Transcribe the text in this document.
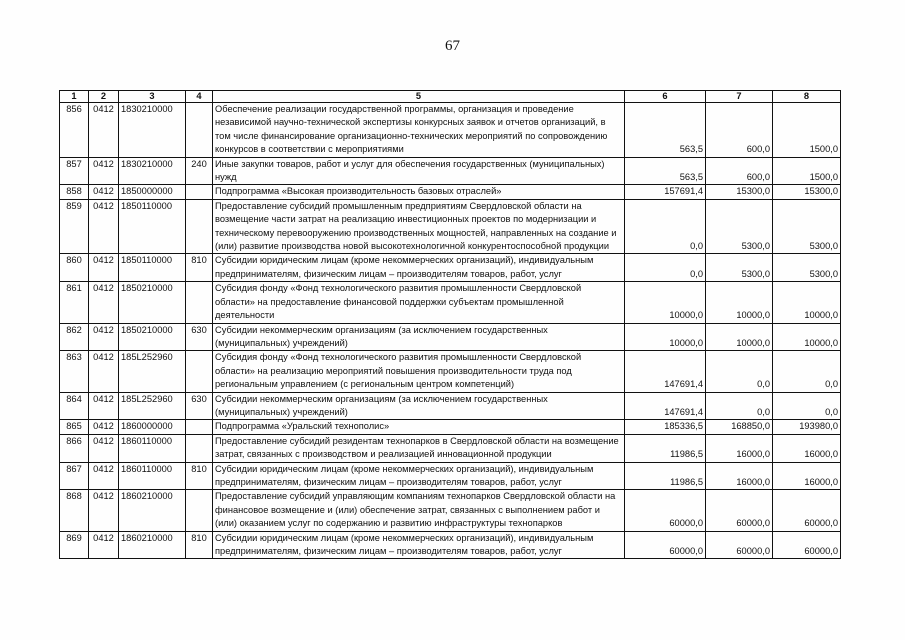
67
1	2	3	4	5	6	7	8
856	0412	1830210000		Обеспечение реализации государственной программы, организация и проведение независимой научно-технической экспертизы конкурсных заявок и отчетов организаций, в том числе финансирование организационно-технических мероприятий по сопровождению конкурсов в соответствии с мероприятиями	563,5	600,0	1500,0
857	0412	1830210000	240	Иные закупки товаров, работ и услуг для обеспечения государственных (муниципальных) нужд	563,5	600,0	1500,0
858	0412	1850000000		Подпрограмма «Высокая производительность базовых отраслей»	157691,4	15300,0	15300,0
859	0412	1850110000		Предоставление субсидий промышленным предприятиям Свердловской области на возмещение части затрат на реализацию инвестиционных проектов по модернизации и техническому перевооружению производственных мощностей, направленных на создание и (или) развитие производства новой высокотехнологичной конкурентоспособной продукции	0,0	5300,0	5300,0
860	0412	1850110000	810	Субсидии юридическим лицам (кроме некоммерческих организаций), индивидуальным предпринимателям, физическим лицам – производителям товаров, работ, услуг	0,0	5300,0	5300,0
861	0412	1850210000		Субсидия фонду «Фонд технологического развития промышленности Свердловской области» на предоставление финансовой поддержки субъектам промышленной деятельности	10000,0	10000,0	10000,0
862	0412	1850210000	630	Субсидии некоммерческим организациям (за исключением государственных (муниципальных) учреждений)	10000,0	10000,0	10000,0
863	0412	185L252960		Субсидия фонду «Фонд технологического развития промышленности Свердловской области» на реализацию мероприятий повышения производительности труда под региональным управлением (с региональным центром компетенций)	147691,4	0,0	0,0
864	0412	185L252960	630	Субсидии некоммерческим организациям (за исключением государственных (муниципальных) учреждений)	147691,4	0,0	0,0
865	0412	1860000000		Подпрограмма «Уральский технополис»	185336,5	168850,0	193980,0
866	0412	1860110000		Предоставление субсидий резидентам технопарков в Свердловской области на возмещение затрат, связанных с производством и реализацией инновационной продукции	11986,5	16000,0	16000,0
867	0412	1860110000	810	Субсидии юридическим лицам (кроме некоммерческих организаций), индивидуальным предпринимателям, физическим лицам – производителям товаров, работ, услуг	11986,5	16000,0	16000,0
868	0412	1860210000		Предоставление субсидий управляющим компаниям технопарков Свердловской области на финансовое возмещение и (или) обеспечение затрат, связанных с выполнением работ и (или) оказанием услуг по содержанию и развитию инфраструктуры технопарков	60000,0	60000,0	60000,0
869	0412	1860210000	810	Субсидии юридическим лицам (кроме некоммерческих организаций), индивидуальным предпринимателям, физическим лицам – производителям товаров, работ, услуг	60000,0	60000,0	60000,0
